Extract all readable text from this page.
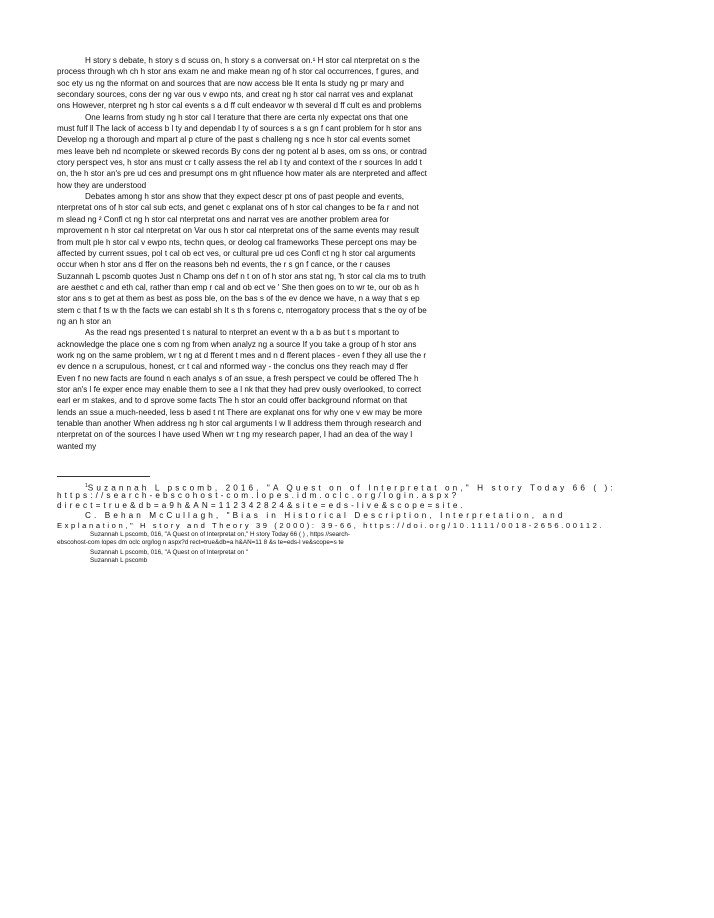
H story s debate, h story s d scuss on, h story s a conversat on.¹ H stor cal nterpretat on s the process through wh ch h stor ans exam ne and make mean ng of h stor cal occurrences, f gures, and soc ety us ng the nformat on and sources that are now access ble It enta ls study ng pr mary and secondary sources, cons der ng var ous v ewpo nts, and creat ng h stor cal narrat ves and explanat ons However, nterpret ng h stor cal events s a d ff cult endeavor w th several d ff cult es and problems

One learns from study ng h stor cal l terature that there are certa nly expectat ons that one must fulf ll The lack of access b l ty and dependab l ty of sources s a s gn f cant problem for h stor ans Develop ng a thorough and mpart al p cture of the past s challeng ng s nce h stor cal events somet mes leave beh nd ncomplete or skewed records By cons der ng potent al b ases, om ss ons, or contrad ctory perspect ves, h stor ans must cr t cally assess the rel ab l ty and context of the r sources In add t on, the h stor an's pre ud ces and presumpt ons m ght nfluence how mater als are nterpreted and affect how they are understood

Debates among h stor ans show that they expect descr pt ons of past people and events, nterpretat ons of h stor cal sub ects, and genet c explanat ons of h stor cal changes to be fa r and not m slead ng ² Confl ct ng h stor cal nterpretat ons and narrat ves are another problem area for mprovement n h stor cal nterpretat on Var ous h stor cal nterpretat ons of the same events may result from mult ple h stor cal v ewpo nts, techn ques, or deolog cal frameworks These percept ons may be affected by current ssues, pol t cal ob ect ves, or cultural pre ud ces Confl ct ng h stor cal arguments occur when h stor ans d ffer on the reasons beh nd events, the r s gn f cance, or the r causes Suzannah L pscomb quotes Just n Champ ons def n t on of h stor ans stat ng, 'h stor cal cla ms to truth are aesthet c and eth cal, rather than emp r cal and ob ect ve ' She then goes on to wr te, our ob as h stor ans s to get at them as best as poss ble, on the bas s of the ev dence we have, n a way that s ep stem c that f ts w th the facts we can establ sh It s th s forens c, nterrogatory process that s the oy of be ng an h stor an

As the read ngs presented t s natural to nterpret an event w th a b as but t s mportant to acknowledge the place one s com ng from when analyz ng a source If you take a group of h stor ans work ng on the same problem, wr t ng at d fferent t mes and n d fferent places - even f they all use the r ev dence n a scrupulous, honest, cr t cal and nformed way - the conclus ons they reach may d ffer Even f no new facts are found n each analys s of an ssue, a fresh perspect ve could be offered The h stor an's l fe exper ence may enable them to see a l nk that they had prev ously overlooked, to correct earl er m stakes, and to d sprove some facts The h stor an could offer background nformat on that lends an ssue a much-needed, less b ased t nt There are explanat ons for why one v ew may be more tenable than another When address ng h stor cal arguments I w ll address them through research and nterpretat on of the sources I have used When wr t ng my research paper, I had an dea of the way I wanted my

$^1$Suzannah L pscomb, 2016, "A Quest on of Interpretat on," H story Today 66 ( ):
https://search-ebscohost-com.lopes.idm.oclc.org/login.aspx?
direct=true&db=a9h&AN=112342824&site=eds-live&scope=site.
C. Behan McCullagh, "Bias in Historical Description, Interpretation, and
Explanation," H story and Theory 39 (2000): 39-66, https://doi.org/10.1111/0018-2656.00112.
Suzannah L pscomb, 016, "A Quest on of Interpretat on," H story Today 66 ( ) , https //search-
ebscohost-com lopes dm oclc org/log n aspx?d rect=true&db=a h&AN=11 8 &s te=eds-l ve&scope=s te
Suzannah L pscomb, 016, "A Quest on of Interpretat on "
Suzannah L pscomb
